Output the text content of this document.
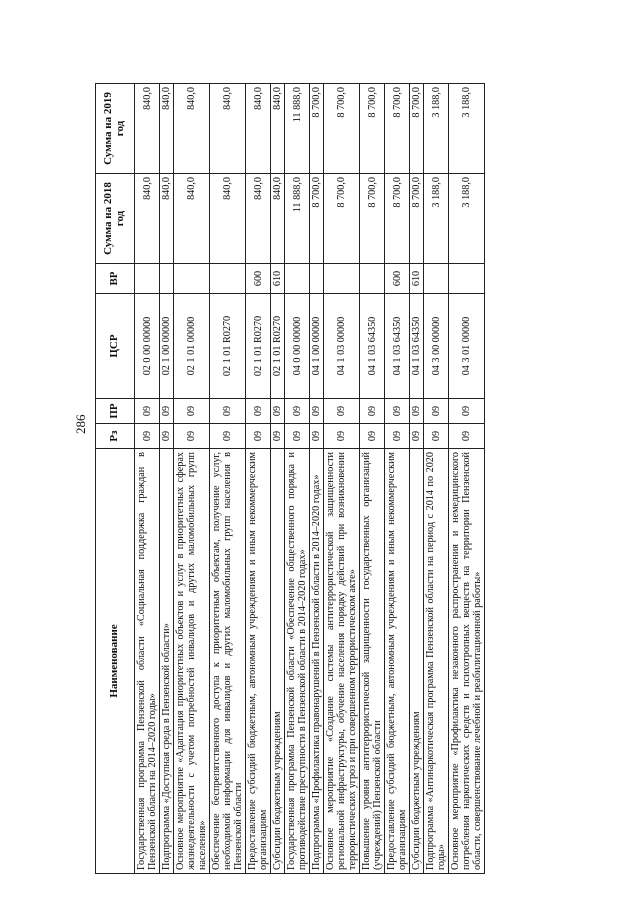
286
Наименование	Рз	ПР	ЦСР	ВР	Сумма на 2018 год	Сумма на 2019 год
Государственная программа Пензенской области «Социальная поддержка граждан в Пензенской области на 2014–2020 годы»	09	09	02 0 00 00000		840,0	840,0
Подпрограмма «Доступная среда в Пензенской области»	09	09	02 1 00 00000		840,0	840,0
Основное мероприятие «Адаптация приоритетных объектов и услуг в приоритетных сферах жизнедеятельности с учетом потребностей инвалидов и других маломобильных групп населения»	09	09	02 1 01 00000		840,0	840,0
Обеспечение беспрепятственного доступа к приоритетным объектам, получение услуг, необходимой информации для инвалидов и других маломобильных групп населения в Пензенской области	09	09	02 1 01 R0270		840,0	840,0
Предоставление субсидий бюджетным, автономным учреждениям и иным некоммерческим организациям	09	09	02 1 01 R0270	600	840,0	840,0
Субсидии бюджетным учреждениям	09	09	02 1 01 R0270	610	840,0	840,0
Государственная программа Пензенской области «Обеспечение общественного порядка и противодействие преступности в Пензенской области в 2014–2020 годах»	09	09	04 0 00 00000		11 888,0	11 888,0
Подпрограмма «Профилактика правонарушений в Пензенской области в 2014–2020 годах»	09	09	04 1 00 00000		8 700,0	8 700,0
Основное мероприятие «Создание системы антитеррористической защищенности региональной инфраструктуры, обучение населения порядку действий при возникновении террористических угроз и при совершенном террористическом акте»	09	09	04 1 03 00000		8 700,0	8 700,0
Повышение уровня антитеррористической защищенности государственных организаций (учреждений) Пензенской области	09	09	04 1 03 64350		8 700,0	8 700,0
Предоставление субсидий бюджетным, автономным учреждениям и иным некоммерческим организациям	09	09	04 1 03 64350	600	8 700,0	8 700,0
Субсидии бюджетным учреждениям	09	09	04 1 03 64350	610	8 700,0	8 700,0
Подпрограмма «Антинаркотическая программа Пензенской области на период с 2014 по 2020 годы»	09	09	04 3 00 00000		3 188,0	3 188,0
Основное мероприятие «Профилактика незаконного распространения и немедицинского потребления наркотических средств и психотропных веществ на территории Пензенской области, совершенствование лечебной и реабилитационной работы»	09	09	04 3 01 00000		3 188,0	3 188,0
